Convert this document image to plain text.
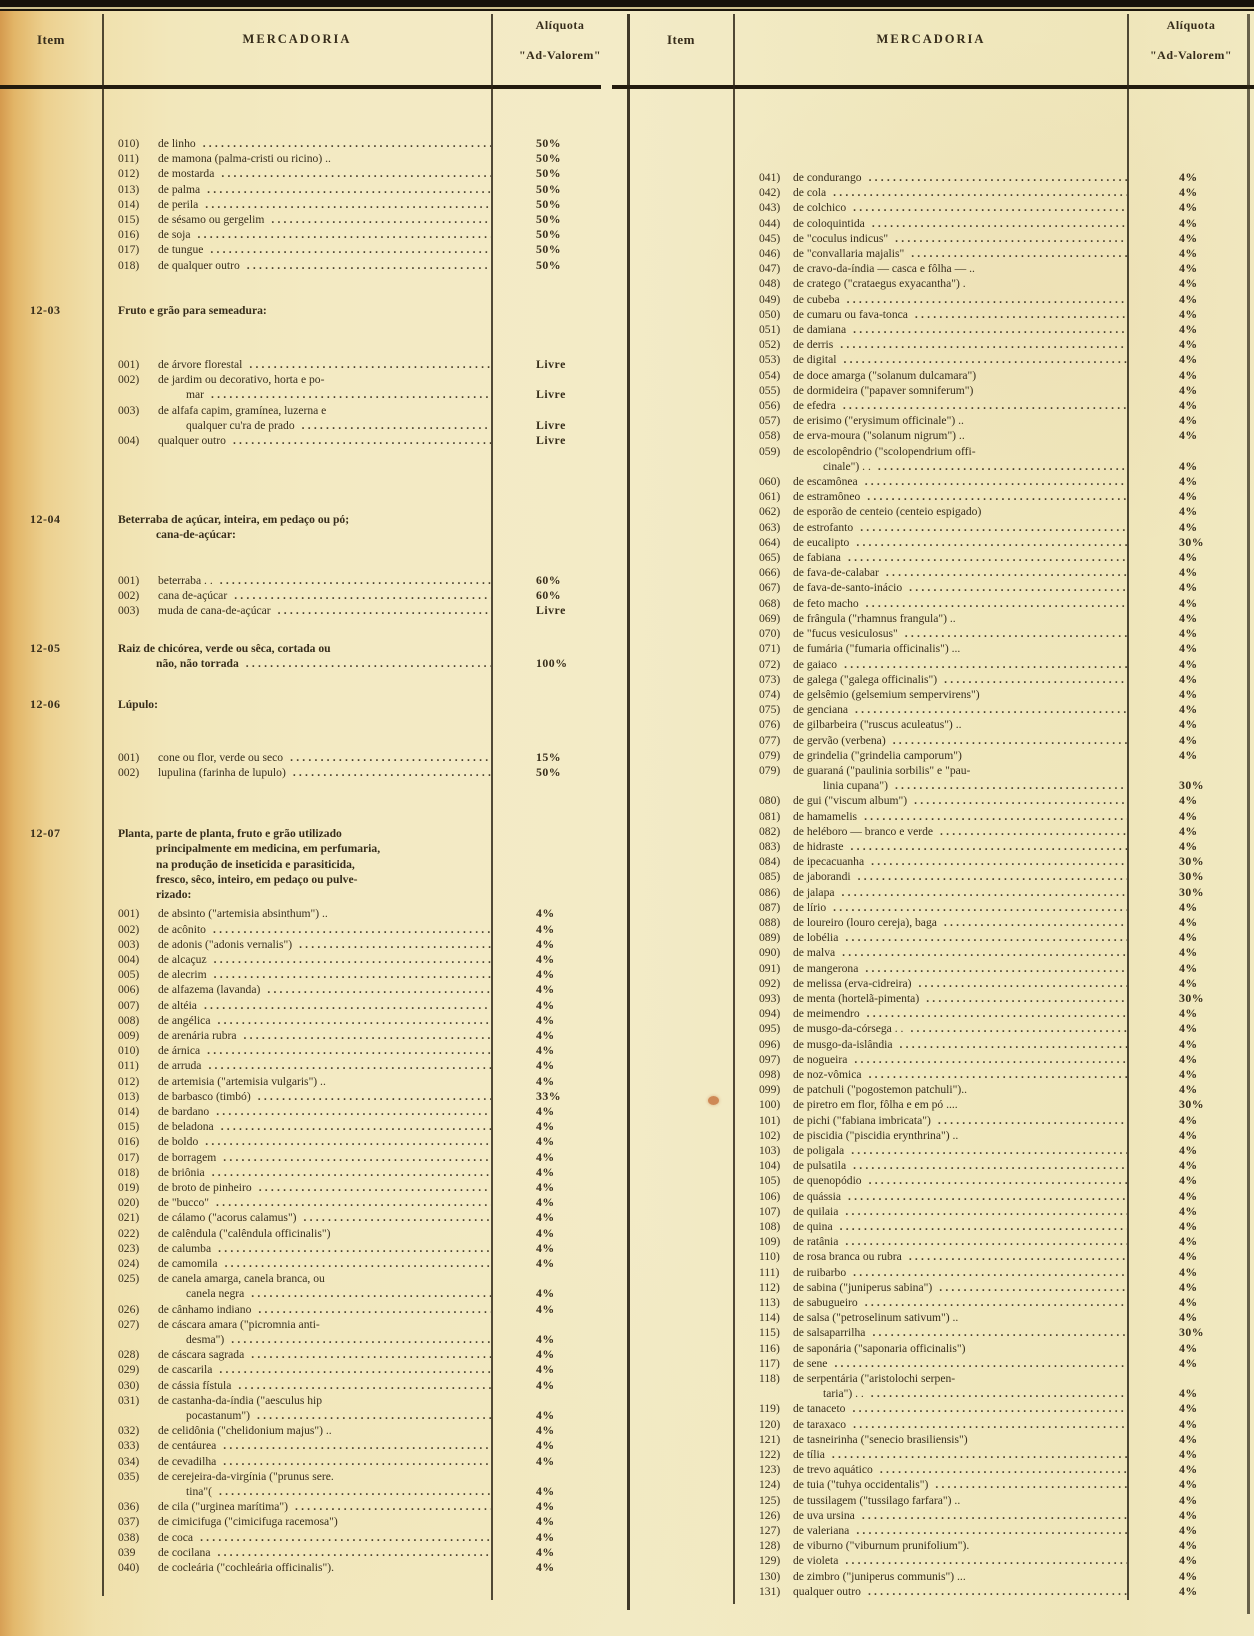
Item	MERCADORIA
Alíquota
"Ad-Valorem"
Item	MERCADORIA
Alíquota
"Ad-Valorem"
010)	de linho .....	50%
011)	de mamona (palma-cristi ou ricino) ..	50%
012)	de mostarda .....	50%
013)	de palma .....	50%
014)	de perila .....	50%
015)	de sésamo ou gergelim .....	50%
016)	de soja .....	50%
017)	de tungue .....	50%
018)	de qualquer outro .....	50%
12-03	Fruto e grão para semeadura:
001)	de árvore florestal .....	Livre
002)	de jardim ou decorativo, horta e po-
mar .....	Livre
003)	de alfafa capim, gramínea, luzerna e
qualquer cu'ra de prado .....	Livre
004)	qualquer outro .....	Livre
12-04	Beterraba de açúcar, inteira, em pedaço ou pó;
cana-de-açúcar:
001)	beterraba . . .....	60%
002)	cana de-açúcar .....	60%
003)	muda de cana-de-açúcar .....	Livre
12-05	Raiz de chicórea, verde ou sêca, cortada ou
não, não torrada .....	100%
12-06	Lúpulo:
001)	cone ou flor, verde ou seco .....	15%
002)	lupulina (farinha de lupulo) .....	50%
12-07	Planta, parte de planta, fruto e grão utilizado
principalmente em medicina, em perfumaria,
na produção de inseticida e parasiticida,
fresco, sêco, inteiro, em pedaço ou pulve-
rizado:
001)	de absinto ("artemisia absinthum") ..	4%
002)	de acônito .....	4%
003)	de adonis ("adonis vernalis") .....	4%
004)	de alcaçuz .....	4%
005)	de alecrim .....	4%
006)	de alfazema (lavanda) .....	4%
007)	de altéia .....	4%
008)	de angélica .....	4%
009)	de arenária rubra .....	4%
010)	de árnica .....	4%
011)	de arruda .....	4%
012)	de artemisia ("artemisia vulgaris") ..	4%
013)	de barbasco (timbó) .....	33%
014)	de bardano .....	4%
015)	de beladona .....	4%
016)	de boldo .....	4%
017)	de borragem .....	4%
018)	de briônia .....	4%
019)	de broto de pinheiro .....	4%
020)	de "bucco" .....	4%
021)	de cálamo ("acorus calamus") .....	4%
022)	de calêndula ("calêndula officinalis")	4%
023)	de calumba .....	4%
024)	de camomila .....	4%
025)	de canela amarga, canela branca, ou
canela negra .....	4%
026)	de cânhamo indiano .....	4%
027)	de cáscara amara ("picromnia anti-
desma") .....	4%
028)	de cáscara sagrada .....	4%
029)	de cascarila .....	4%
030)	de cássia fístula .....	4%
031)	de castanha-da-índia ("aesculus hip
pocastanum") .....	4%
032)	de celidônia ("chelidonium majus") ..	4%
033)	de centáurea .....	4%
034)	de cevadilha .....	4%
035)	de cerejeira-da-virgínia ("prunus sere.
tina"( .....	4%
036)	de cila ("urginea marítima") .....	4%
037)	de cimicifuga ("cimicifuga racemosa")	4%
038)	de coca .....	4%
039	de cocilana .....	4%
040)	de cocleária ("cochleária officinalis").	4%
041)	de condurango .....	4%
042)	de cola .....	4%
043)	de colchico .....	4%
044)	de coloquintida .....	4%
045)	de "coculus indicus" .....	4%
046)	de "convallaria majalis" .....	4%
047)	de cravo-da-índia — casca e fôlha — ..	4%
048)	de cratego ("crataegus exyacantha") .	4%
049)	de cubeba .....	4%
050)	de cumaru ou fava-tonca .....	4%
051)	de damiana .....	4%
052)	de derris .....	4%
053)	de digital .....	4%
054)	de doce amarga ("solanum dulcamara")	4%
055)	de dormideira ("papaver somniferum")	4%
056)	de efedra .....	4%
057)	de erisimo ("erysimum officinale") ..	4%
058)	de erva-moura ("solanum nigrum") ..	4%
059)	de escolopêndrio ("scolopendrium offi-
cinale") . . .....	4%
060)	de escamônea .....	4%
061)	de estramôneo .....	4%
062)	de esporão de centeio (centeio espigado)	4%
063)	de estrofanto .....	4%
064)	de eucalipto .....	30%
065)	de fabiana .....	4%
066)	de fava-de-calabar .....	4%
067)	de fava-de-santo-inácio .....	4%
068)	de feto macho .....	4%
069)	de frângula ("rhamnus frangula") ..	4%
070)	de "fucus vesiculosus" .....	4%
071)	de fumária ("fumaria officinalis") ...	4%
072)	de gaiaco .....	4%
073)	de galega ("galega officinalis") .....	4%
074)	de gelsêmio (gelsemium sempervirens")	4%
075)	de genciana .....	4%
076)	de gilbarbeira ("ruscus aculeatus") ..	4%
077)	de gervão (verbena) .....	4%
079)	de grindelia ("grindelia camporum")	4%
079)	de guaraná ("paulinia sorbilis" e "pau-
linia cupana") .....	30%
080)	de gui ("viscum album") .....	4%
081)	de hamamelis .....	4%
082)	de heléboro — branco e verde .....	4%
083)	de hidraste .....	4%
084)	de ipecacuanha .....	30%
085)	de jaborandi .....	30%
086)	de jalapa .....	30%
087)	de lírio .....	4%
088)	de loureiro (louro cereja), baga .....	4%
089)	de lobélia .....	4%
090)	de malva .....	4%
091)	de mangerona .....	4%
092)	de melissa (erva-cidreira) .....	4%
093)	de menta (hortelã-pimenta) .....	30%
094)	de meimendro .....	4%
095)	de musgo-da-córsega . . .....	4%
096)	de musgo-da-islândia .....	4%
097)	de nogueira .....	4%
098)	de noz-vômica .....	4%
099)	de patchuli ("pogostemon patchuli")..	4%
100)	de piretro em flor, fôlha e em pó ....	30%
101)	de pichi ("fabiana imbricata") .....	4%
102)	de piscidia ("piscidia erynthrina") ..	4%
103)	de poligala .....	4%
104)	de pulsatila .....	4%
105)	de quenopódio .....	4%
106)	de quássia .....	4%
107)	de quilaia .....	4%
108)	de quina .....	4%
109)	de ratânia .....	4%
110)	de rosa branca ou rubra .....	4%
111)	de ruibarbo .....	4%
112)	de sabina ("juniperus sabina") .....	4%
113)	de sabugueiro .....	4%
114)	de salsa ("petroselinum sativum") ..	4%
115)	de salsaparrilha .....	30%
116)	de saponária ("saponaria officinalis")	4%
117)	de sene .....	4%
118)	de serpentária ("aristolochi serpen-
taria") . . .....	4%
119)	de tanaceto .....	4%
120)	de taraxaco .....	4%
121)	de tasneirinha ("senecio brasiliensis")	4%
122)	de tília .....	4%
123)	de trevo aquático .....	4%
124)	de tuia ("tuhya occidentalis") .....	4%
125)	de tussilagem ("tussilago farfara") ..	4%
126)	de uva ursina .....	4%
127)	de valeriana .....	4%
128)	de viburno ("viburnum prunifolium").	4%
129)	de violeta .....	4%
130)	de zimbro ("juniperus communis") ...	4%
131)	qualquer outro .....	4%
